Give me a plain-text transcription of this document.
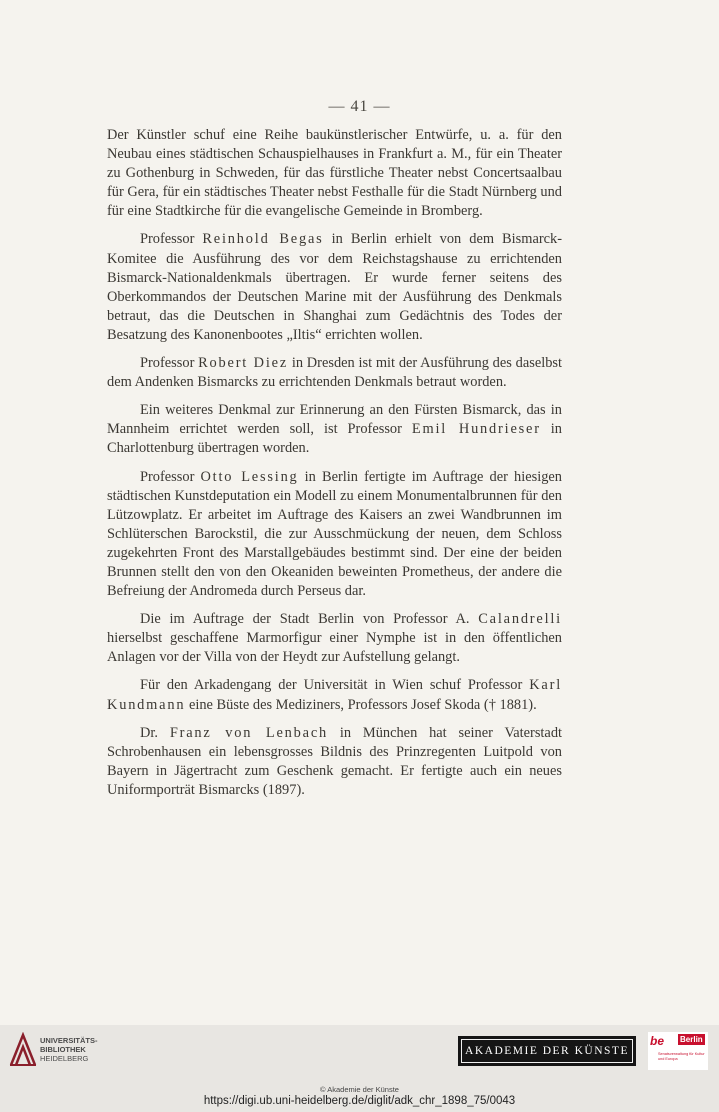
— 41 —

Der Künstler schuf eine Reihe baukünstlerischer Entwürfe, u. a. für den Neubau eines städtischen Schauspielhauses in Frankfurt a. M., für ein Theater zu Gothenburg in Schweden, für das fürstliche Theater nebst Concertsaalbau für Gera, für ein städtisches Theater nebst Festhalle für die Stadt Nürnberg und für eine Stadtkirche für die evangelische Gemeinde in Bromberg.

Professor Reinhold Begas in Berlin erhielt von dem Bismarck-Komitee die Ausführung des vor dem Reichstagshause zu errichtenden Bismarck-Nationaldenkmals übertragen. Er wurde ferner seitens des Oberkommandos der Deutschen Marine mit der Ausführung des Denkmals betraut, das die Deutschen in Shanghai zum Gedächtnis des Todes der Besatzung des Kanonenbootes „Iltis“ errichten wollen.

Professor Robert Diez in Dresden ist mit der Ausführung des daselbst dem Andenken Bismarcks zu errichtenden Denkmals betraut worden.

Ein weiteres Denkmal zur Erinnerung an den Fürsten Bismarck, das in Mannheim errichtet werden soll, ist Professor Emil Hundrieser in Charlottenburg übertragen worden.

Professor Otto Lessing in Berlin fertigte im Auftrage der hiesigen städtischen Kunstdeputation ein Modell zu einem Monumentalbrunnen für den Lützowplatz. Er arbeitet im Auftrage des Kaisers an zwei Wandbrunnen im Schlüterschen Barockstil, die zur Ausschmückung der neuen, dem Schloss zugekehrten Front des Marstallgebäudes bestimmt sind. Der eine der beiden Brunnen stellt den von den Okeaniden beweinten Prometheus, der andere die Befreiung der Andromeda durch Perseus dar.

Die im Auftrage der Stadt Berlin von Professor A. Calandrelli hierselbst geschaffene Marmorfigur einer Nymphe ist in den öffentlichen Anlagen vor der Villa von der Heydt zur Aufstellung gelangt.

Für den Arkadengang der Universität in Wien schuf Professor Karl Kundmann eine Büste des Mediziners, Professors Josef Skoda († 1881).

Dr. Franz von Lenbach in München hat seiner Vaterstadt Schrobenhausen ein lebensgrosses Bildnis des Prinzregenten Luitpold von Bayern in Jägertracht zum Geschenk gemacht. Er fertigte auch ein neues Uniformporträt Bismarcks (1897).

UNIVERSITÄTS-
BIBLIOTHEK
HEIDELBERG
AKADEMIE DER KÜNSTE
be Berlin
Senatsverwaltung für Kultur und Europa
© Akademie der Künste
https://digi.ub.uni-heidelberg.de/diglit/adk_chr_1898_75/0043
